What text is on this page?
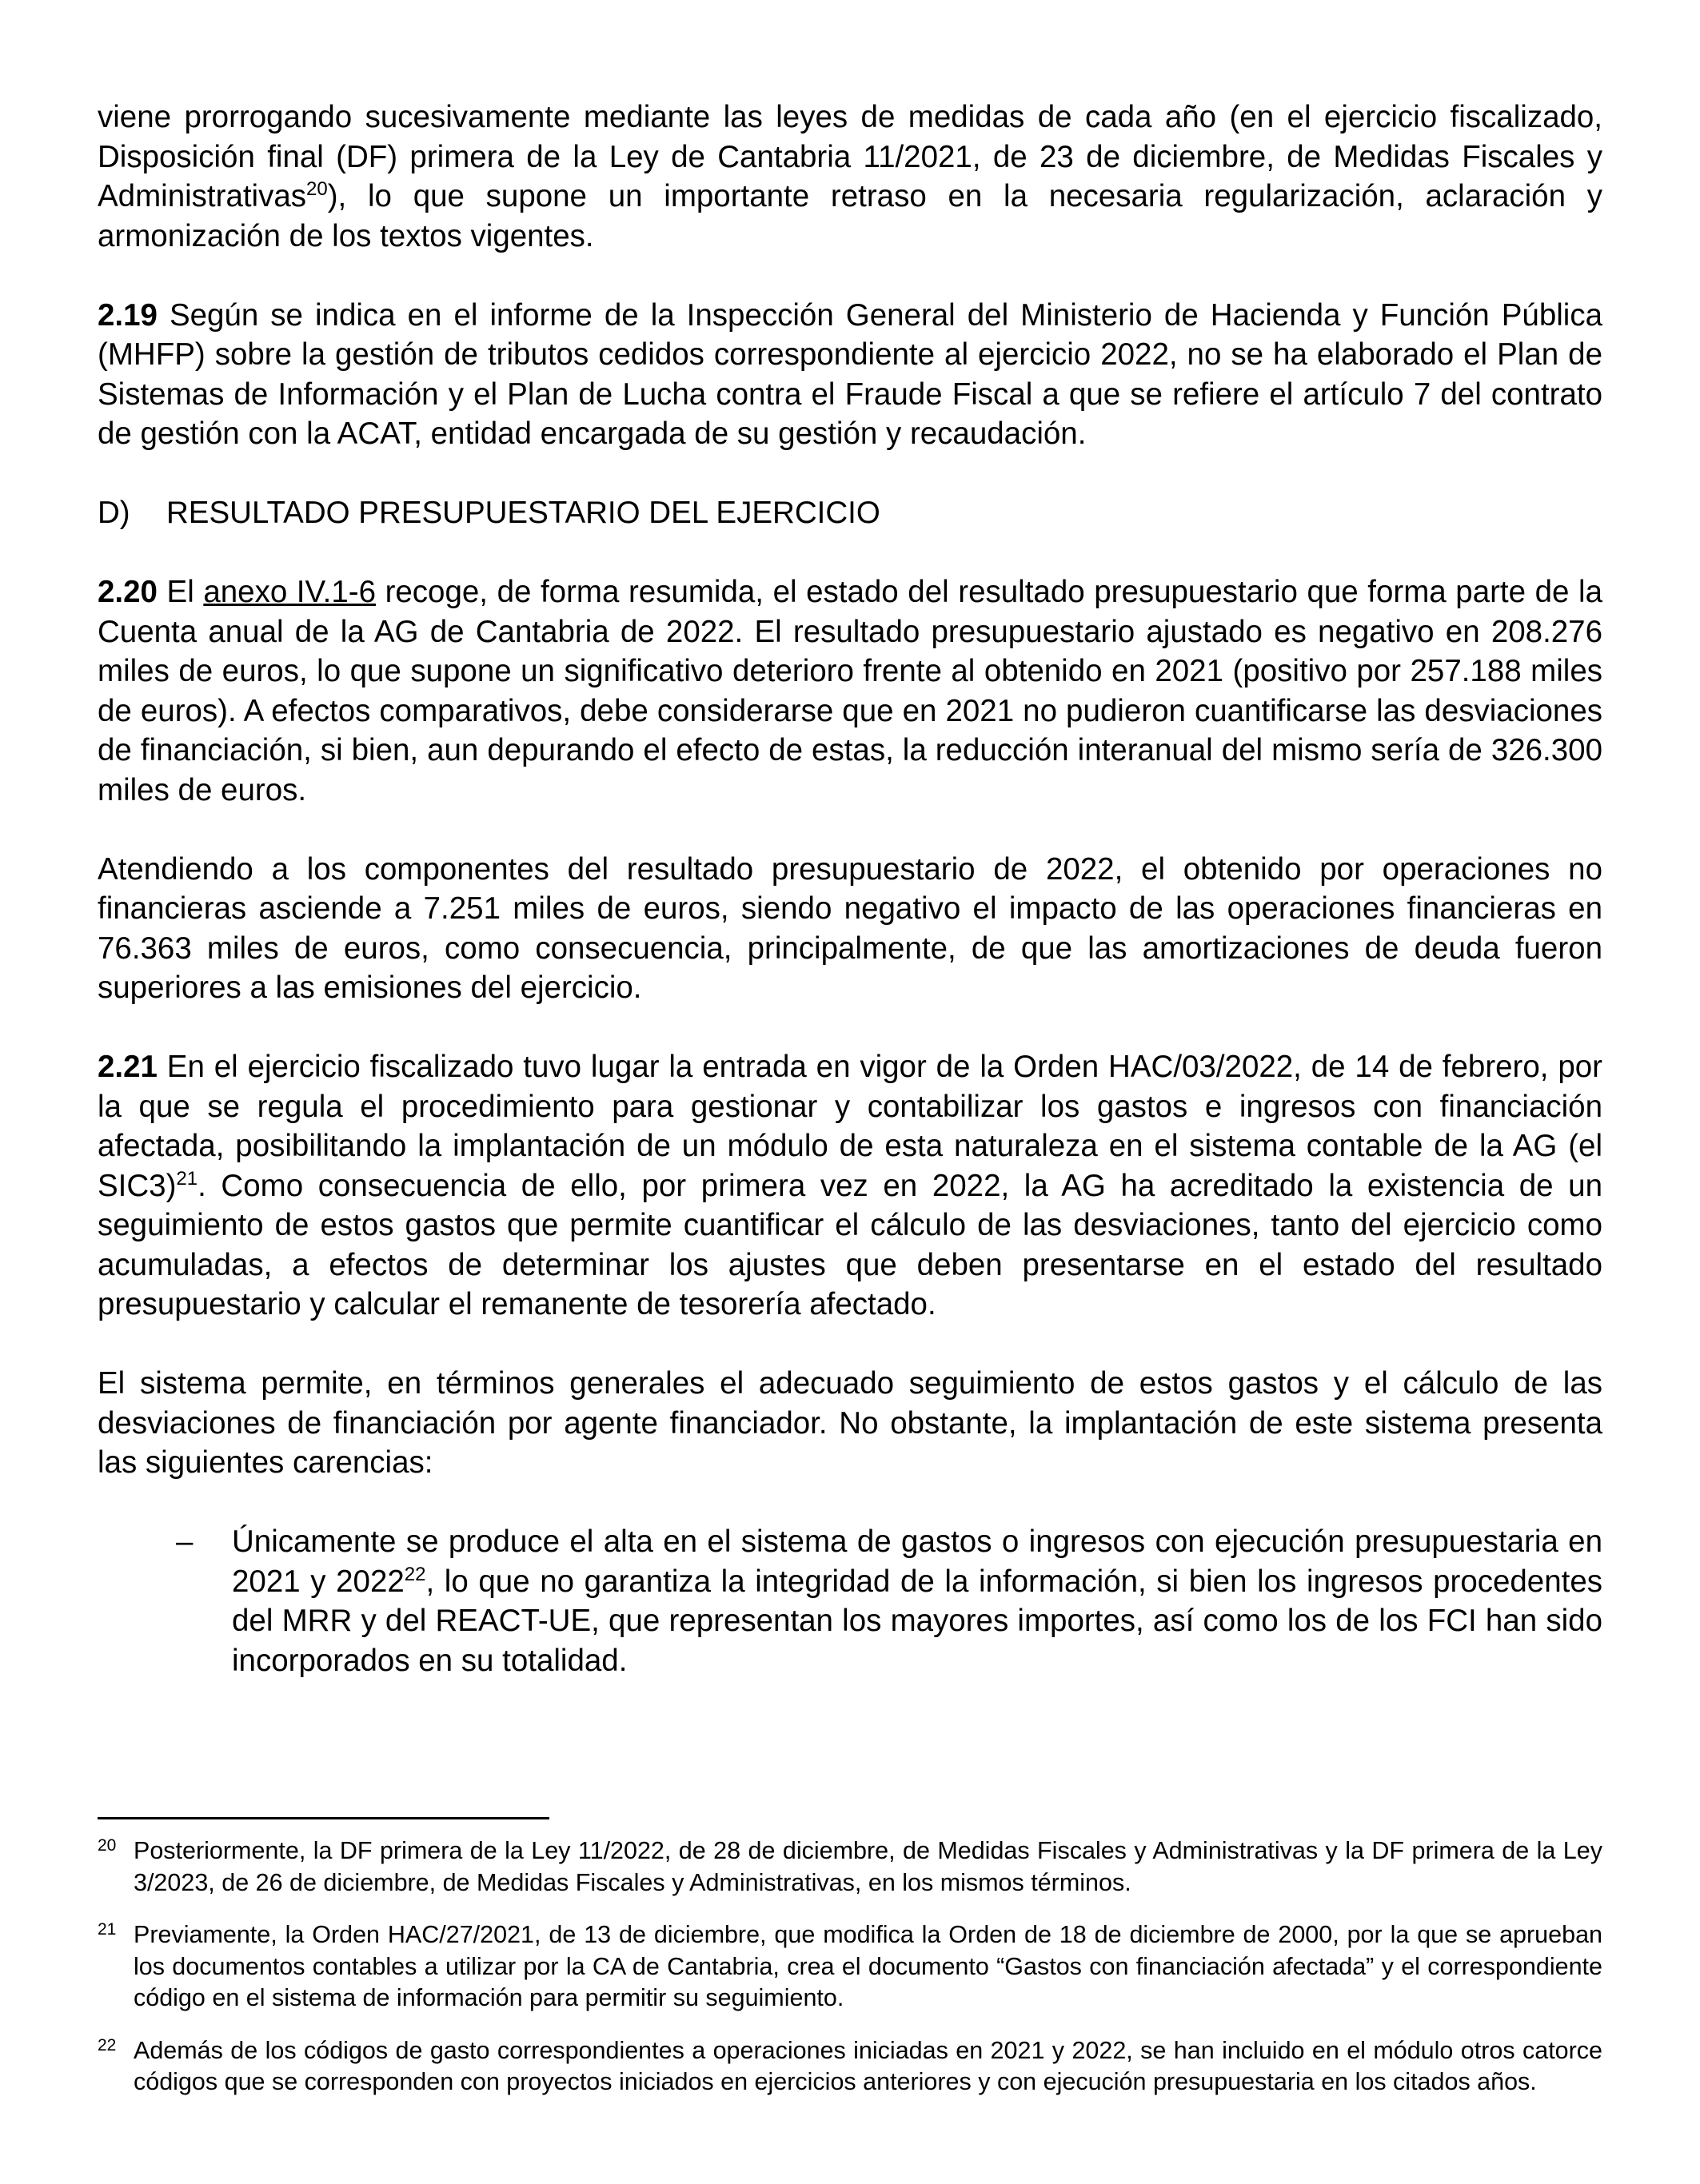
viene prorrogando sucesivamente mediante las leyes de medidas de cada año (en el ejercicio fiscalizado, Disposición final (DF) primera de la Ley de Cantabria 11/2021, de 23 de diciembre, de Medidas Fiscales y Administrativas$^{20}$), lo que supone un importante retraso en la necesaria regularización, aclaración y armonización de los textos vigentes.

2.19 Según se indica en el informe de la Inspección General del Ministerio de Hacienda y Función Pública (MHFP) sobre la gestión de tributos cedidos correspondiente al ejercicio 2022, no se ha elaborado el Plan de Sistemas de Información y el Plan de Lucha contra el Fraude Fiscal a que se refiere el artículo 7 del contrato de gestión con la ACAT, entidad encargada de su gestión y recaudación.

D) RESULTADO PRESUPUESTARIO DEL EJERCICIO

2.20 El anexo IV.1-6 recoge, de forma resumida, el estado del resultado presupuestario que forma parte de la Cuenta anual de la AG de Cantabria de 2022. El resultado presupuestario ajustado es negativo en 208.276 miles de euros, lo que supone un significativo deterioro frente al obtenido en 2021 (positivo por 257.188 miles de euros). A efectos comparativos, debe considerarse que en 2021 no pudieron cuantificarse las desviaciones de financiación, si bien, aun depurando el efecto de estas, la reducción interanual del mismo sería de 326.300 miles de euros.

Atendiendo a los componentes del resultado presupuestario de 2022, el obtenido por operaciones no financieras asciende a 7.251 miles de euros, siendo negativo el impacto de las operaciones financieras en 76.363 miles de euros, como consecuencia, principalmente, de que las amortizaciones de deuda fueron superiores a las emisiones del ejercicio.

2.21 En el ejercicio fiscalizado tuvo lugar la entrada en vigor de la Orden HAC/03/2022, de 14 de febrero, por la que se regula el procedimiento para gestionar y contabilizar los gastos e ingresos con financiación afectada, posibilitando la implantación de un módulo de esta naturaleza en el sistema contable de la AG (el SIC3)$^{21}$. Como consecuencia de ello, por primera vez en 2022, la AG ha acreditado la existencia de un seguimiento de estos gastos que permite cuantificar el cálculo de las desviaciones, tanto del ejercicio como acumuladas, a efectos de determinar los ajustes que deben presentarse en el estado del resultado presupuestario y calcular el remanente de tesorería afectado.

El sistema permite, en términos generales el adecuado seguimiento de estos gastos y el cálculo de las desviaciones de financiación por agente financiador. No obstante, la implantación de este sistema presenta las siguientes carencias:

–	Únicamente se produce el alta en el sistema de gastos o ingresos con ejecución presupuestaria en 2021 y 2022$^{22}$, lo que no garantiza la integridad de la información, si bien los ingresos procedentes del MRR y del REACT-UE, que representan los mayores importes, así como los de los FCI han sido incorporados en su totalidad.
20 Posteriormente, la DF primera de la Ley 11/2022, de 28 de diciembre, de Medidas Fiscales y Administrativas y la DF primera de la Ley 3/2023, de 26 de diciembre, de Medidas Fiscales y Administrativas, en los mismos términos.
21 Previamente, la Orden HAC/27/2021, de 13 de diciembre, que modifica la Orden de 18 de diciembre de 2000, por la que se aprueban los documentos contables a utilizar por la CA de Cantabria, crea el documento “Gastos con financiación afectada” y el correspondiente código en el sistema de información para permitir su seguimiento.
22 Además de los códigos de gasto correspondientes a operaciones iniciadas en 2021 y 2022, se han incluido en el módulo otros catorce códigos que se corresponden con proyectos iniciados en ejercicios anteriores y con ejecución presupuestaria en los citados años.
